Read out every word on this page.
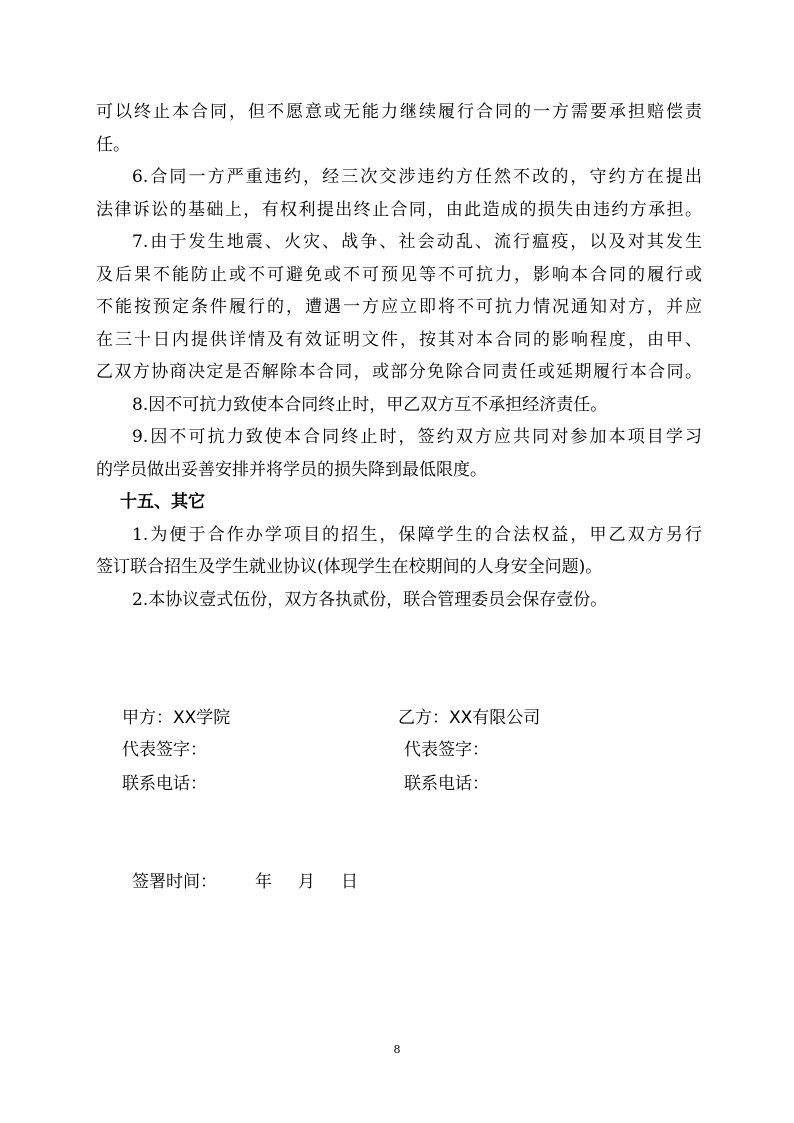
可以终止本合同，但不愿意或无能力继续履行合同的一方需要承担赔偿责
任。
6.合同一方严重违约，经三次交涉违约方任然不改的，守约方在提出
法律诉讼的基础上，有权利提出终止合同，由此造成的损失由违约方承担。
7.由于发生地震、火灾、战争、社会动乱、流行瘟疫，以及对其发生
及后果不能防止或不可避免或不可预见等不可抗力，影响本合同的履行或
不能按预定条件履行的，遭遇一方应立即将不可抗力情况通知对方，并应
在三十日内提供详情及有效证明文件，按其对本合同的影响程度，由甲、
乙双方协商决定是否解除本合同，或部分免除合同责任或延期履行本合同。
8.因不可抗力致使本合同终止时，甲乙双方互不承担经济责任。
9.因不可抗力致使本合同终止时，签约双方应共同对参加本项目学习
的学员做出妥善安排并将学员的损失降到最低限度。
十五、其它
1.为便于合作办学项目的招生，保障学生的合法权益，甲乙双方另行
签订联合招生及学生就业协议(体现学生在校期间的人身安全问题)。
2.本协议壹式伍份，双方各执贰份，联合管理委员会保存壹份。
甲方：XX学院	乙方：XX有限公司
代表签字：	代表签字：
联系电话：	联系电话：
签署时间： 年 月 日
8
